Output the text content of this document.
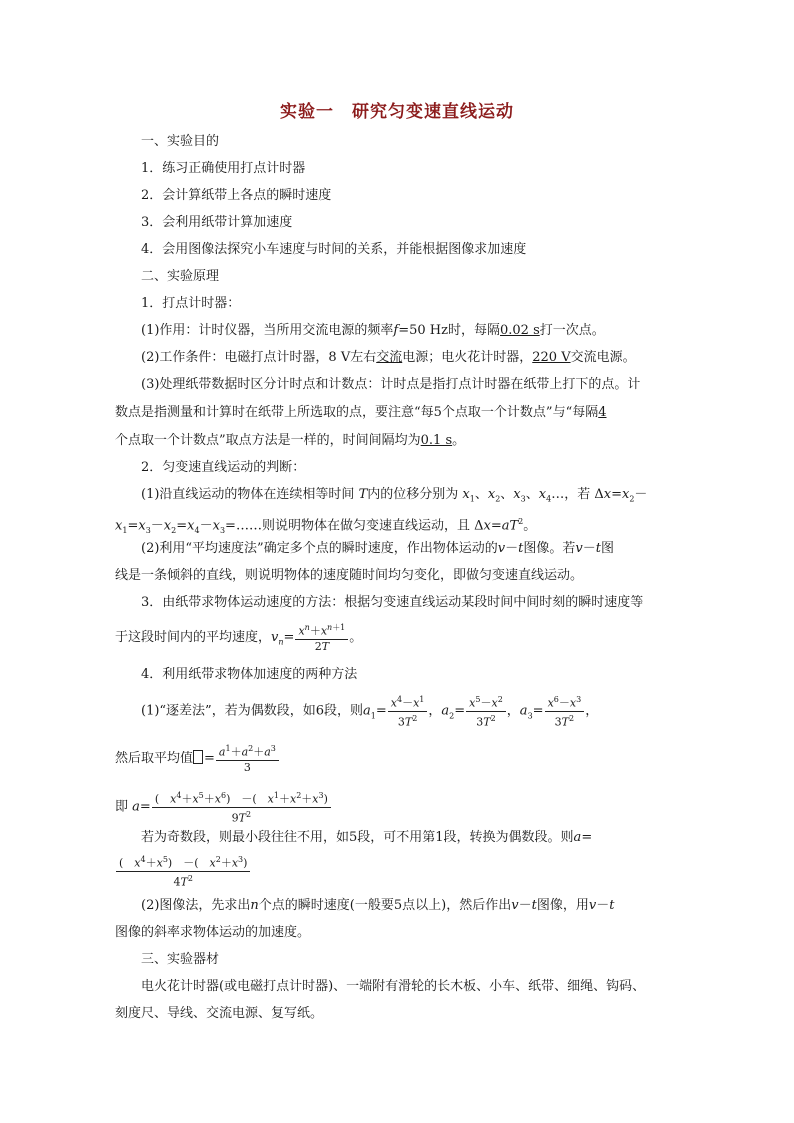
实验一　研究匀变速直线运动
一、实验目的
1．练习正确使用打点计时器
2．会计算纸带上各点的瞬时速度
3．会利用纸带计算加速度
4．会用图像法探究小车速度与时间的关系，并能根据图像求加速度
二、实验原理
1．打点计时器：
(1)作用：计时仪器，当所用交流电源的频率f=50 Hz时，每隔0.02 s打一次点。
(2)工作条件：电磁打点计时器，8 V左右交流电源；电火花计时器，220 V交流电源。
(3)处理纸带数据时区分计时点和计数点：计时点是指打点计时器在纸带上打下的点。计
数点是指测量和计算时在纸带上所选取的点，要注意“每5个点取一个计数点”与“每隔4
个点取一个计数点”取点方法是一样的，时间间隔均为0.1 s。
2．匀变速直线运动的判断：
(1)沿直线运动的物体在连续相等时间 T内的位移分别为 $x_1$、$x_2$、$x_3$、$x_4\dots$，若 $\Delta x=x_2-$
$x_1=x_3-x_2=x_4-x_3=\dots\dots$则说明物体在做匀变速直线运动，且 $\Delta x=aT^2$。
(2)利用“平均速度法”确定多个点的瞬时速度，作出物体运动的v－t图像。若v－t图
线是一条倾斜的直线，则说明物体的速度随时间均匀变化，即做匀变速直线运动。
3．由纸带求物体运动速度的方法：根据匀变速直线运动某段时间中间时刻的瞬时速度等
于这段时间内的平均速度，$v_n= \frac{x^n+x^{n+1}}{2T}$ 。
4．利用纸带求物体加速度的两种方法
(1)“逐差法”，若为偶数段，如6段，则$a_1= \frac{x^4-x^1}{3T^2}$ ，$a_2= \frac{x^5-x^2}{3T^2}$ ，$a_3= \frac{x^6-x^3}{3T^2}$ ，
然后取平均值 = $\frac{a^1+a^2+a^3}{3}$
即 $a= \frac{( x^4+x^5+x^6) -( x^1+x^2+x^3)}{9T^2}$
若为奇数段，则最小段往往不用，如5段，可不用第1段，转换为偶数段。则a=
$\frac{( x^4+x^5) -( x^2+x^3)}{4T^2}$
(2)图像法，先求出n个点的瞬时速度(一般要5点以上)，然后作出v－t图像，用v－t
图像的斜率求物体运动的加速度。
三、实验器材
电火花计时器(或电磁打点计时器)、一端附有滑轮的长木板、小车、纸带、细绳、钩码、
刻度尺、导线、交流电源、复写纸。
